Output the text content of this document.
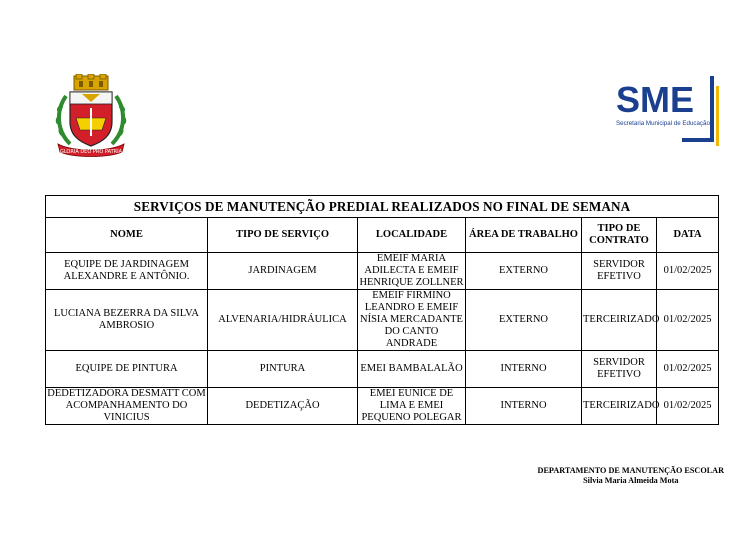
GLORIA DEO PRO PATRIA
SME
Secretaria Municipal de Educação
SERVIÇOS DE MANUTENÇÃO PREDIAL REALIZADOS NO FINAL DE SEMANA					
NOME	TIPO DE SERVIÇO	LOCALIDADE	ÁREA DE TRABALHO	TIPO DE CONTRATO	DATA
EQUIPE DE JARDINAGEM ALEXANDRE E ANTÔNIO.	JARDINAGEM	EMEIF MARIA ADILECTA E EMEIF HENRIQUE ZOLLNER	EXTERNO	SERVIDOR EFETIVO	01/02/2025
LUCIANA BEZERRA DA SILVA AMBROSIO	ALVENARIA/HIDRÁULICA	EMEIF FIRMINO LEANDRO E EMEIF NÍSIA MERCADANTE DO CANTO ANDRADE	EXTERNO	TERCEIRIZADO	01/02/2025
EQUIPE DE PINTURA	PINTURA	EMEI BAMBALALÃO	INTERNO	SERVIDOR EFETIVO	01/02/2025
DEDETIZADORA DESMATT COM ACOMPANHAMENTO DO VINICIUS	DEDETIZAÇÃO	EMEI EUNICE DE LIMA E EMEI PEQUENO POLEGAR	INTERNO	TERCEIRIZADO	01/02/2025
DEPARTAMENTO DE MANUTENÇÃO ESCOLAR
Silvia Maria Almeida Mota
